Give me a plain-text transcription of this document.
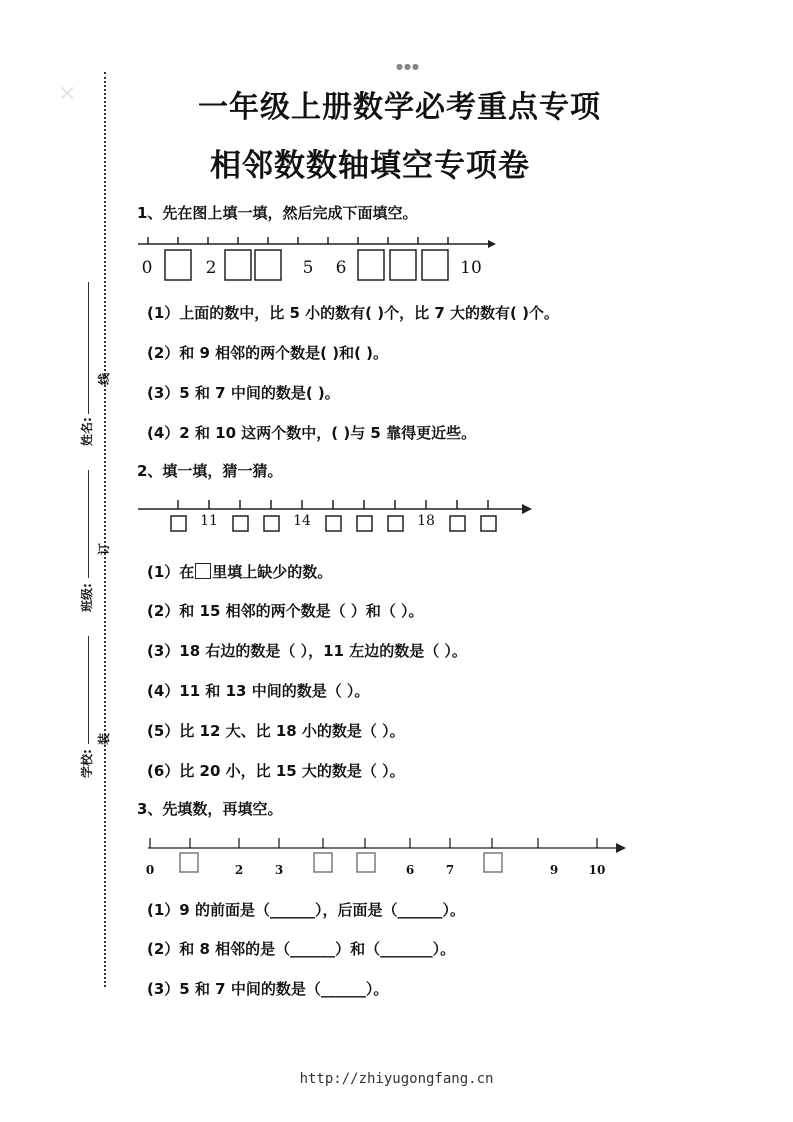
●●●
✕	一年级上册数学必考重点专项
相邻数数轴填空专项卷
姓名:
班级:
学校:
线
订
装
1、先在图上填一填，然后完成下面填空。
0	2	5 6	10
(1）上面的数中，比 5 小的数有( )个，比 7 大的数有( )个。
(2）和 9 相邻的两个数是( )和( )。
(3）5 和 7 中间的数是( )。
(4）2 和 10 这两个数中，( )与 5 靠得更近些。
2、填一填，猜一猜。
11	14	18
(1）在 里填上缺少的数。
(2）和 15 相邻的两个数是（ ）和（ ）。
(3）18 右边的数是（ ），11 左边的数是（ ）。
(4）11 和 13 中间的数是（ ）。
(5）比 12 大、比 18 小的数是（ ）。
(6）比 20 小，比 15 大的数是（ ）。
3、先填数，再填空。
0	2	3	6	7	9	10
(1）9 的前面是（______），后面是（______）。
(2）和 8 相邻的是（______）和（_______）。
(3）5 和 7 中间的数是（______）。
http://zhiyugongfang.cn
